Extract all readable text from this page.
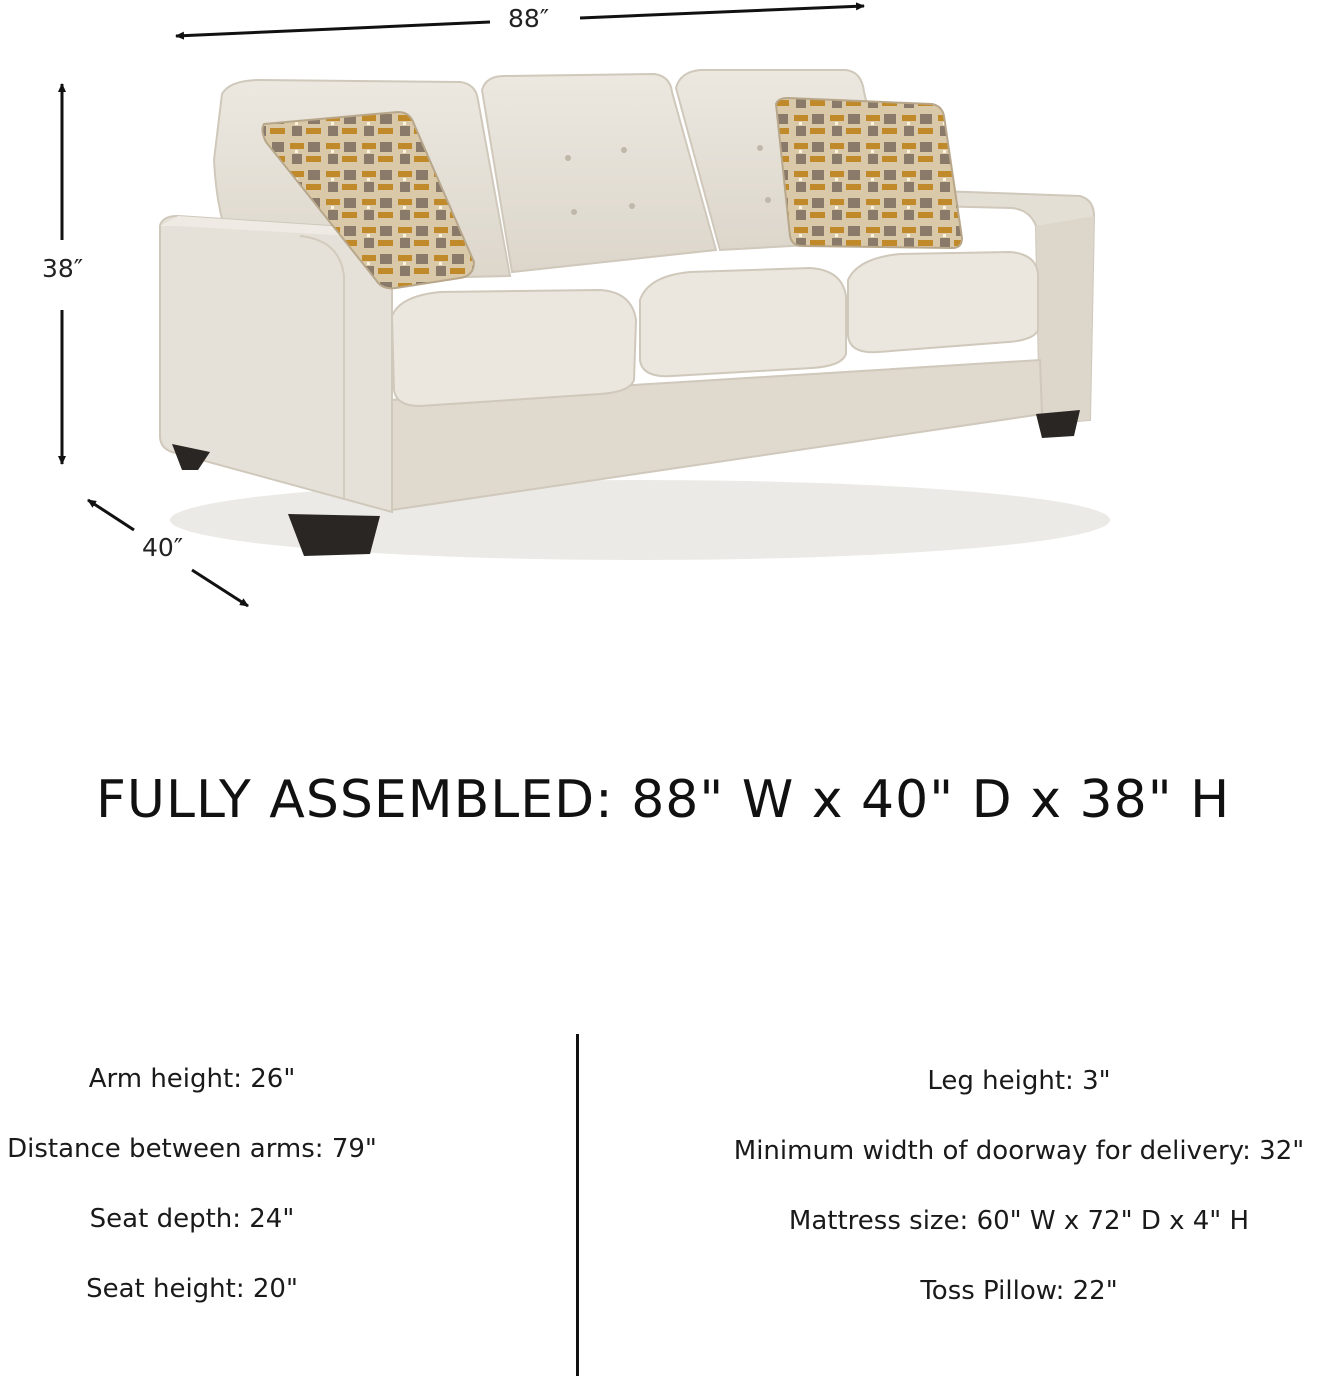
88″
38″
40″
FULLY ASSEMBLED: 88" W x 40" D x 38" H
Arm height: 26"
Distance between arms: 79"
Seat depth: 24"
Seat height: 20"
Leg height: 3"
Minimum width of doorway for delivery: 32"
Mattress size: 60" W x 72" D x 4" H
Toss Pillow: 22"
